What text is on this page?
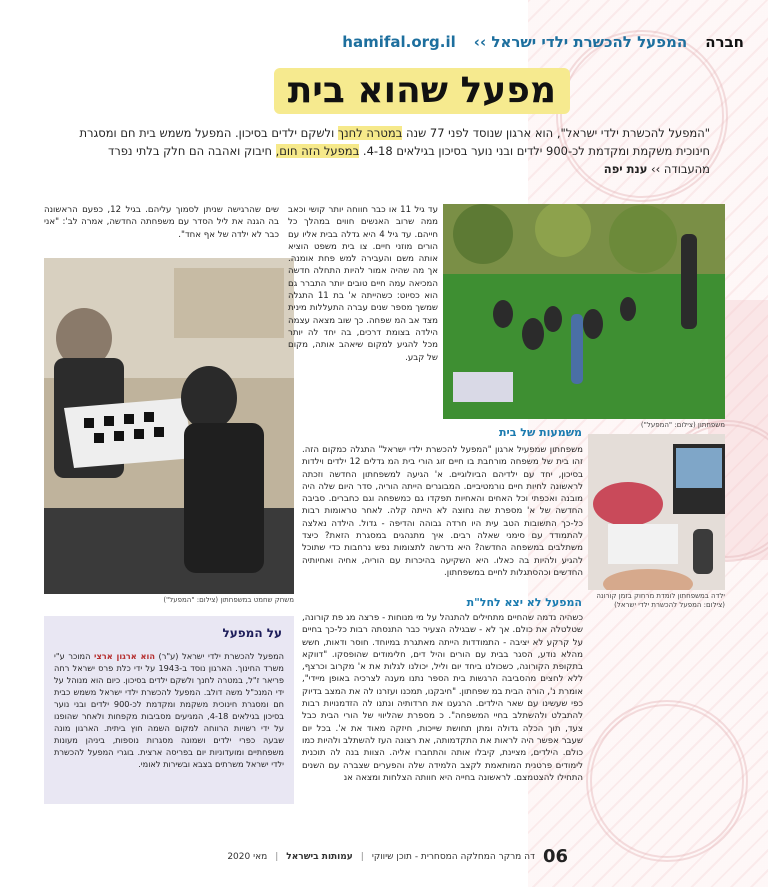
חברה
המפעל להכשרת ילדי ישראל ››
hamifal.org.il
מפעל שהוא בית
"המפעל להכשרת ילדי ישראל", הוא ארגון שנוסד לפני 77 שנה במטרה לחנך ולשקם ילדים בסיכון. המפעל משמש בית חם ומסגרת חינוכית משקמת ומקדמת לכ-900 ילדים ובני נוער בסיכון בגילאים 4-18. במפעל הזה חום, חיבוק ואהבה הם חלק בלתי נפרד מהעבודה ›› ענת יפה
משפחתון (צילום: "המפעל")
משחק שחמט במשפחתון (צילום: "המפעל")	ילדה במשפחתון לומדת מרחוק בזמן קורונה (צילום: המפעל להכשרת ילדי ישראל)
עד גיל 11 או כבר חווחה יותר קושי וכאב ממה שרוב האנשים חווים במהלך כל חייהם. עד גיל 4 היא גדלה בבית אליו עם הורים מוזני חיים. צו בית משפט הוציא אותה משם והעבירה למש פחת אומנה. אך מה שהיה אמור להיות התחלה חדשה המכיאה עמה חיים טובים יותר התברר גם הוא כסיוט: כשהייתה א' בת 11 התגלה שמשך מספר שנים עברה התעללות מינית מצד אב המ שפחה. כך שוב מצאה עצמה הילדה בצומת דרכים, בה יחד לה יותר מכל להגיע למקום שיאהב אותה, מקום של קבע.
שים שהרגישה שניתן לסמוך עליהם. בגיל 12, כפעם הראשונה בה הגנה את ליל הסדר עם משפחתה החדשה, אמרה לב': "אני כבר לא ילדה של אף אחד".
משמעות של בית
משפחתון שמפעיל ארגון "המפעל להכשרת ילדי ישראל" התגלה כמקום הזה. זהו בית של משפחה מורחבת בו חיים זוג הורי בית המ גדלים 12 ילדים וילדות בסיכון, יחד עם ילדיהם הביולוגיים. א' הגיעה למשפחתון החדשה וזכתה לראשונה לחיות חיים נורמטיביים. המבוגרים הייתה הוריה, סדר היום שלה היה מובנה ואכפתי וכל האחים והאחיות תפקדו גם כמשפחה וגם כחברים. סביבה החדשה של א' מספרת שה נחוצה לא הייתה קלה. לאחר טראומות רבות כל-כך התשובות הטב עית היו חרדה גבוהה והדיפה - גדול. הילדה נאלצה להתמודד עם סימני שאלה רבים. איך מתנהגים במסגרת הזאת? כיצד משתלבים במשפחה החדשה? היא נדרשה לתצומות נפש נרחבות כדי שתוכל להגיע ולהיות בה כאלו. היא השקיעה בהיכרות עם הוריה, אחיה ואחיותיה החדשים וכהסתגלות לחיים במשפחתון.
המפעל לא יצא לחל"ת
כשהיה נדמה שהחיים מתחילים להתנהל על מי מנוחות - פרצה מג פת קורונה, שטלטלה את כולם. אך לא - שבגילה הצעיר כבר התנסתה רבות כל-כך בחיים על קרקע לא יציבה - התמודדות הייתה מאתגרת במיוחד. חוסר ודאות, חשש מהלא נודע, הסגר בבית עם הורים והיל דים, חלימודים שהופסקו. "דווקא בתקופת הקורונה, כשכולנו ביחד יום וליל, יכולנו לגלות את א' מקרוב וכרצף, ללא לחצים מהסביבה הרגשות בית הספר נתנו מענה לצרכיה באופן מיידי", אומרת נ', הורה הבית במ שפחתון. "חיבקנו, תמכנו ועזרנו לה את המצב בדיוק כפי שעשינו עם שאר הילדים. הרגענו את חרדותיה ונתנו לה הזדמנויות רבות להתבלט ולהשתלב בחיי המשפחה". כ מספרת שהליווי של הורי הבית כבל צעד, תוך הכלה גדולה ומתן תחושת שייכות, חיזקה מאוד את א'. בכל יום שעבר אפשר היה לראות את התקדמותה, את רצונה העז להשתלב ולהיות כמו כולם. הילדים, מציינת, קיבלו אותה והתחברו אליה. הצוות בנה לה תוכנית לימודים פרטנית המותאמת לקצב הלמידה שלה והפערים שצברה עם השנים התחילו להצטמצם. לראשונה בחייה היא חוותה הצלחות ומצאה אנ
על המפעל
המפעל להכשרת ילדי ישראל (ע"ר) הוא ארגון ארצי המוכר ע"י משרד החינוך. הארגון נוסד ב-1943 על ידי כלת פרס ישראל רחה פריאר ז"ל, במטרה לחנך ולשקם ילדים בסיכון. כיום הוא מנוהל על ידי המנכ"ל משה דולב. המפעל להכשרת ילדי ישראל משמש כבית חם ומסגרת חינוכית משקמת ומקדמת לכ-900 ילדים ובני נוער בסיכון בגילאים 4-18, המגיעים מסביבות מקפחות ולאחר שהופנו על ידי רשויות הרווחה למקום השמה חוץ ביתית. הארגון מונה שבעה כפרי ילדים ושמונה מסגרות נוספות, ביניהן מעונות משפחתיים ומועדוניות יום בפריסה ארצית. בוגרי המפעל להכשרת ילדי ישראל משרתים בצבא ובשירות לאומי.
06
דה מרקר המחלקה המסחרית - תוכן שיווקי
|
עמותות בישראל
|
מאי 2020
